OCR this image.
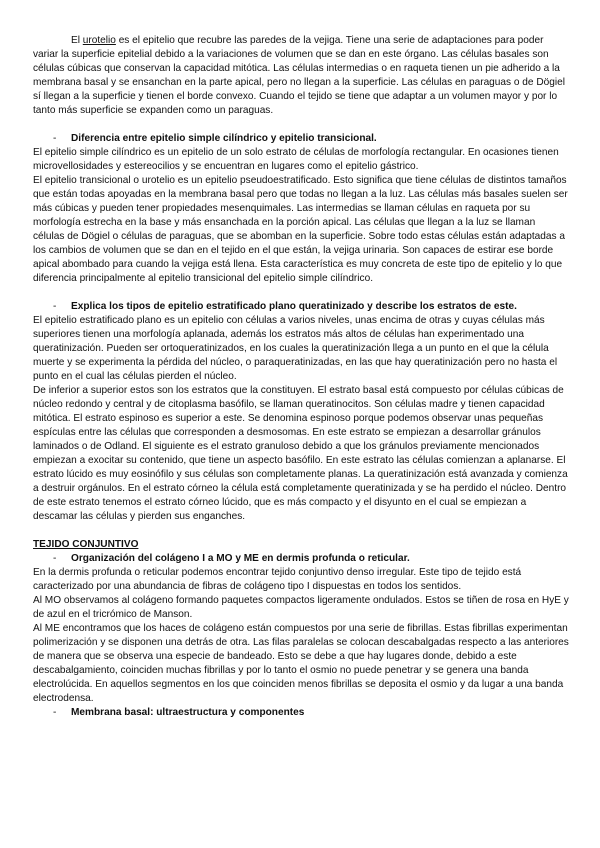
El urotelio es el epitelio que recubre las paredes de la vejiga. Tiene una serie de adaptaciones para poder variar la superficie epitelial debido a la variaciones de volumen que se dan en este órgano. Las células basales son células cúbicas que conservan la capacidad mitótica. Las células intermedias o en raqueta tienen un pie adherido a la membrana basal y se ensanchan en la parte apical, pero no llegan a la superficie. Las células en paraguas o de Dögiel sí llegan a la superficie y tienen el borde convexo. Cuando el tejido se tiene que adaptar a un volumen mayor y por lo tanto más superficie se expanden como un paraguas.

- Diferencia entre epitelio simple cilíndrico y epitelio transicional.

El epitelio simple cilíndrico es un epitelio de un solo estrato de células de morfología rectangular. En ocasiones tienen microvellosidades y estereocilios y se encuentran en lugares como el epitelio gástrico.

El epitelio transicional o urotelio es un epitelio pseudoestratificado. Esto significa que tiene células de distintos tamaños que están todas apoyadas en la membrana basal pero que todas no llegan a la luz. Las células más basales suelen ser más cúbicas y pueden tener propiedades mesenquimales. Las intermedias se llaman células en raqueta por su morfología estrecha en la base y más ensanchada en la porción apical. Las células que llegan a la luz se llaman células de Dögiel o células de paraguas, que se abomban en la superficie. Sobre todo estas células están adaptadas a los cambios de volumen que se dan en el tejido en el que están, la vejiga urinaria. Son capaces de estirar ese borde apical abombado para cuando la vejiga está llena. Esta característica es muy concreta de este tipo de epitelio y lo que diferencia principalmente al epitelio transicional del epitelio simple cilíndrico.

- Explica los tipos de epitelio estratificado plano queratinizado y describe los estratos de este.

El epitelio estratificado plano es un epitelio con células a varios niveles, unas encima de otras y cuyas células más superiores tienen una morfología aplanada, además los estratos más altos de células han experimentado una queratinización. Pueden ser ortoqueratinizados, en los cuales la queratinización llega a un punto en el que la célula muerte y se experimenta la pérdida del núcleo, o paraqueratinizadas, en las que hay queratinización pero no hasta el punto en el cual las células pierden el núcleo.

De inferior a superior estos son los estratos que la constituyen. El estrato basal está compuesto por células cúbicas de núcleo redondo y central y de citoplasma basófilo, se llaman queratinocitos. Son células madre y tienen capacidad mitótica. El estrato espinoso es superior a este. Se denomina espinoso porque podemos observar unas pequeñas espículas entre las células que corresponden a desmosomas. En este estrato se empiezan a desarrollar gránulos laminados o de Odland. El siguiente es el estrato granuloso debido a que los gránulos previamente mencionados empiezan a exocitar su contenido, que tiene un aspecto basófilo. En este estrato las células comienzan a aplanarse. El estrato lúcido es muy eosinófilo y sus células son completamente planas. La queratinización está avanzada y comienza a destruir orgánulos. En el estrato córneo la célula está completamente queratinizada y se ha perdido el núcleo. Dentro de este estrato tenemos el estrato córneo lúcido, que es más compacto y el disyunto en el cual se empiezan a descamar las células y pierden sus enganches.

TEJIDO CONJUNTIVO

- Organización del colágeno I a MO y ME en dermis profunda o reticular.

En la dermis profunda o reticular podemos encontrar tejido conjuntivo denso irregular. Este tipo de tejido está caracterizado por una abundancia de fibras de colágeno tipo I dispuestas en todos los sentidos.

Al MO observamos al colágeno formando paquetes compactos ligeramente ondulados. Estos se tiñen de rosa en HyE y de azul en el tricrómico de Manson.

Al ME encontramos que los haces de colágeno están compuestos por una serie de fibrillas. Estas fibrillas experimentan polimerización y se disponen una detrás de otra. Las filas paralelas se colocan descabalgadas respecto a las anteriores de manera que se observa una especie de bandeado. Esto se debe a que hay lugares donde, debido a este descabalgamiento, coinciden muchas fibrillas y por lo tanto el osmio no puede penetrar y se genera una banda electrolúcida. En aquellos segmentos en los que coinciden menos fibrillas se deposita el osmio y da lugar a una banda electrodensa.

- Membrana basal: ultraestructura y componentes
